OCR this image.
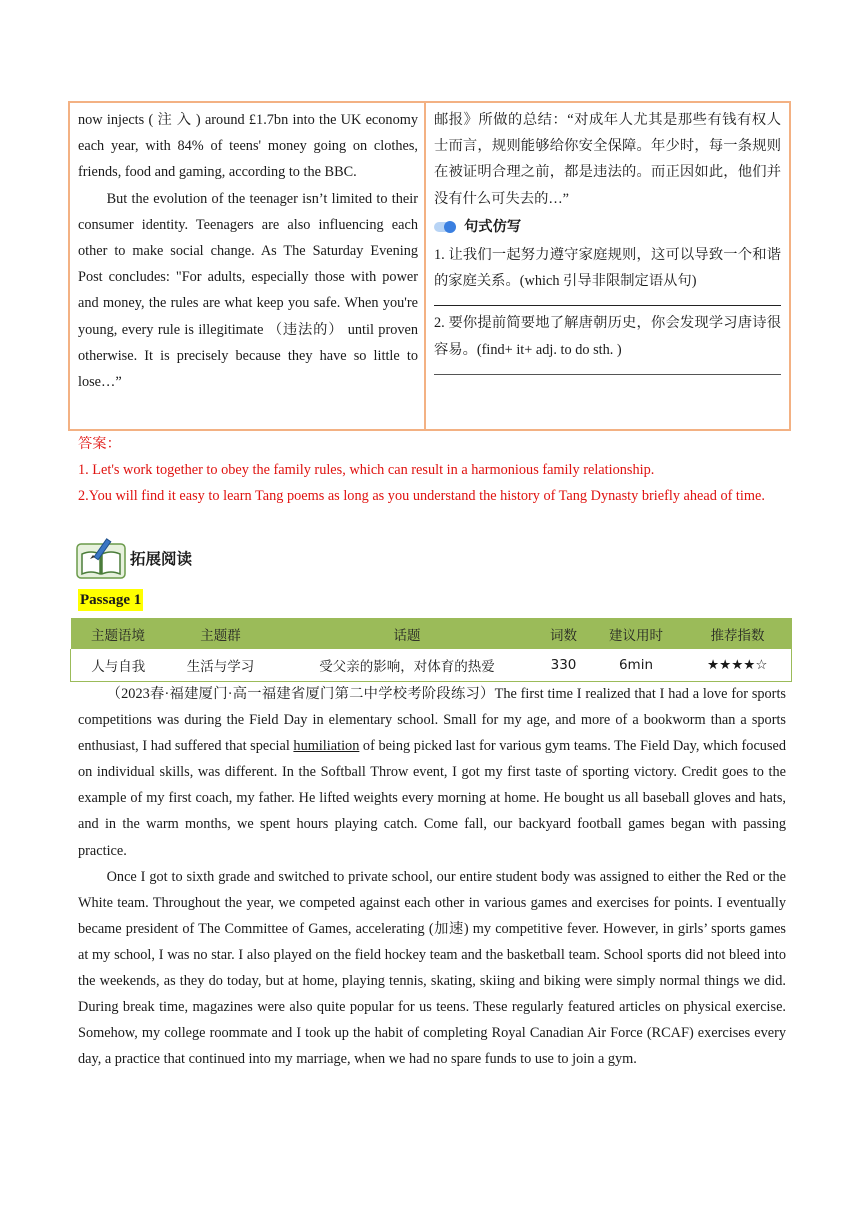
now injects ( 注 入 ) around £1.7bn into the UK economy each year, with 84% of teens' money going on clothes, friends, food and gaming, according to the BBC.

But the evolution of the teenager isn’t limited to their consumer identity. Teenagers are also influencing each other to make social change. As The Saturday Evening Post concludes: "For adults, especially those with power and money, the rules are what keep you safe. When you're young, every rule is illegitimate （违法的） until proven otherwise. It is precisely because they have so little to lose…”

邮报》所做的总结：“对成年人尤其是那些有钱有权人士而言，规则能够给你安全保障。年少时，每一条规则在被证明合理之前，都是违法的。而正因如此，他们并没有什么可失去的…”

句式仿写

1. 让我们一起努力遵守家庭规则，这可以导致一个和谐的家庭关系。(which 引导非限制定语从句)

2. 要你提前简要地了解唐朝历史，你会发现学习唐诗很容易。(find+ it+ adj. to do sth. )

答案：
1. Let's work together to obey the family rules, which can result in a harmonious family relationship.
2.You will find it easy to learn Tang poems as long as you understand the history of Tang Dynasty briefly ahead of time.
拓展阅读
Passage 1
主题语境	主题群	话题	词数	建议用时	推荐指数
人与自我	生活与学习	受父亲的影响，对体育的热爱	330	6min	★★★★☆

（2023春·福建厦门·高一福建省厦门第二中学校考阶段练习）The first time I realized that I had a love for sports competitions was during the Field Day in elementary school. Small for my age, and more of a bookworm than a sports enthusiast, I had suffered that special humiliation of being picked last for various gym teams. The Field Day, which focused on individual skills, was different. In the Softball Throw event, I got my first taste of sporting victory. Credit goes to the example of my first coach, my father. He lifted weights every morning at home. He bought us all baseball gloves and hats, and in the warm months, we spent hours playing catch. Come fall, our backyard football games began with passing practice.

Once I got to sixth grade and switched to private school, our entire student body was assigned to either the Red or the White team. Throughout the year, we competed against each other in various games and exercises for points. I eventually became president of The Committee of Games, accelerating (加速) my competitive fever. However, in girls’ sports games at my school, I was no star. I also played on the field hockey team and the basketball team. School sports did not bleed into the weekends, as they do today, but at home, playing tennis, skating, skiing and biking were simply normal things we did. During break time, magazines were also quite popular for us teens. These regularly featured articles on physical exercise. Somehow, my college roommate and I took up the habit of completing Royal Canadian Air Force (RCAF) exercises every day, a practice that continued into my marriage, when we had no spare funds to use to join a gym.
